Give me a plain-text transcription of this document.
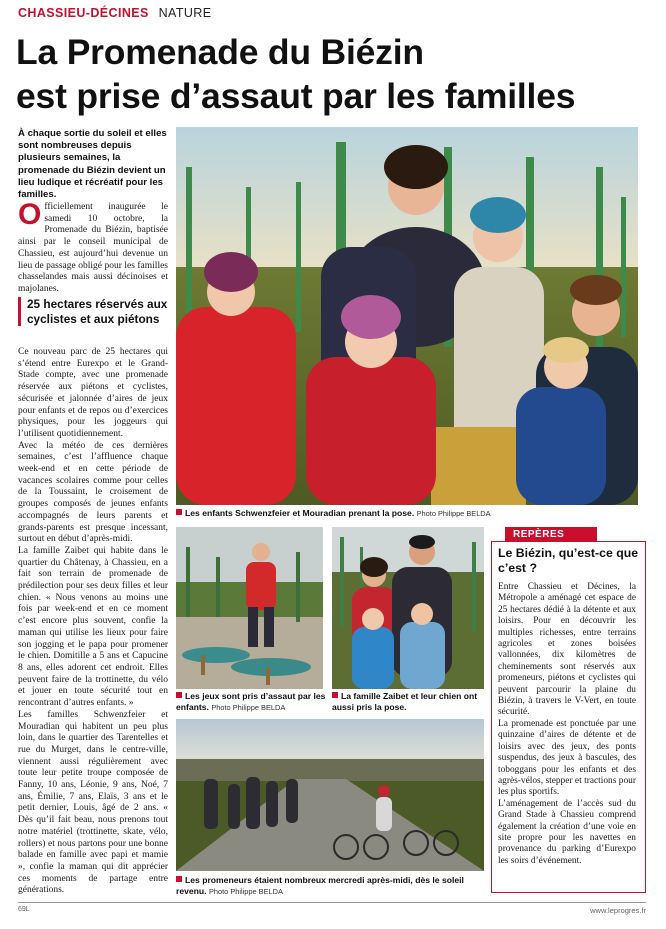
CHASSIEU-DÉCINES NATURE
La Promenade du Biézin
est prise d’assaut par les familles
À chaque sortie du soleil et elles sont nombreuses depuis plusieurs semaines, la promenade du Biézin devient un lieu ludique et récréatif pour les familles.
Officiellement inaugurée le samedi 10 octobre, la Promenade du Biézin, baptisée ainsi par le conseil municipal de Chassieu, est aujourd’hui devenue un lieu de passage obligé pour les familles chasselandes mais aussi décinoises et majolanes.
25 hectares réservés aux cyclistes et aux piétons

Ce nouveau parc de 25 hectares qui s’étend entre Eurexpo et le Grand-Stade compte, avec une promenade réservée aux piétons et cyclistes, sécurisée et jalonnée d’aires de jeux pour enfants et de repos ou d’exercices physiques, pour les joggeurs qui l’utilisent quotidiennement.

Avec la météo de ces dernières semaines, c’est l’affluence chaque week-end et en cette période de vacances scolaires comme pour celles de la Toussaint, le croisement de groupes composés de jeunes enfants accompagnés de leurs parents et grands-parents est presque incessant, surtout en début d’après-midi.

La famille Zaibet qui habite dans le quartier du Châtenay, à Chassieu, en a fait son terrain de promenade de prédilection pour ses deux filles et leur chien. « Nous venons au moins une fois par week-end et en ce moment c’est encore plus souvent, confie la maman qui utilise les lieux pour faire son jogging et le papa pour promener le chien. Domitille a 5 ans et Capucine 8 ans, elles adorent cet endroit. Elles peuvent faire de la trottinette, du vélo et jouer en toute sécurité tout en rencontrant d’autres enfants. »

Les familles Schwenzfeier et Mouradian qui habitent un peu plus loin, dans le quartier des Tarentelles et rue du Murget, dans le centre-ville, viennent aussi régulièrement avec toute leur petite troupe composée de Fanny, 10 ans, Léonie, 9 ans, Noé, 7 ans, Émilie, 7 ans, Elaïs, 3 ans et le petit dernier, Louis, âgé de 2 ans. « Dès qu’il fait beau, nous prenons tout notre matériel (trottinette, skate, vélo, rollers) et nous partons pour une bonne balade en famille avec papi et mamie », confie la maman qui dit apprécier ces moments de partage entre générations.

Les enfants Schwenzfeier et Mouradian prenant la pose. Photo Philippe BELDA
Les jeux sont pris d’assaut par les enfants. Photo Philippe BELDA
La famille Zaibet et leur chien ont aussi pris la pose.
Les promeneurs étaient nombreux mercredi après-midi, dès le soleil revenu. Photo Philippe BELDA
REPÈRES
Le Biézin, qu’est-ce que c’est ?

Entre Chassieu et Décines, la Métropole a aménagé cet espace de 25 hectares dédié à la détente et aux loisirs. Pour en découvrir les multiples richesses, entre terrains agricoles et zones boisées vallonnées, dix kilomètres de cheminements sont réservés aux promeneurs, piétons et cyclistes qui peuvent parcourir la plaine du Biézin, à travers le V-Vert, en toute sécurité.

La promenade est ponctuée par une quinzaine d’aires de détente et de loisirs avec des jeux, des ponts suspendus, des jeux à bascules, des toboggans pour les enfants et des agrès-vélos, stepper et tractions pour les plus sportifs.

L’aménagement de l’accès sud du Grand Stade à Chassieu comprend également la création d’une voie en site propre pour les navettes en provenance du parking d’Eurexpo les soirs d’événement.

69L	www.leprogres.fr
